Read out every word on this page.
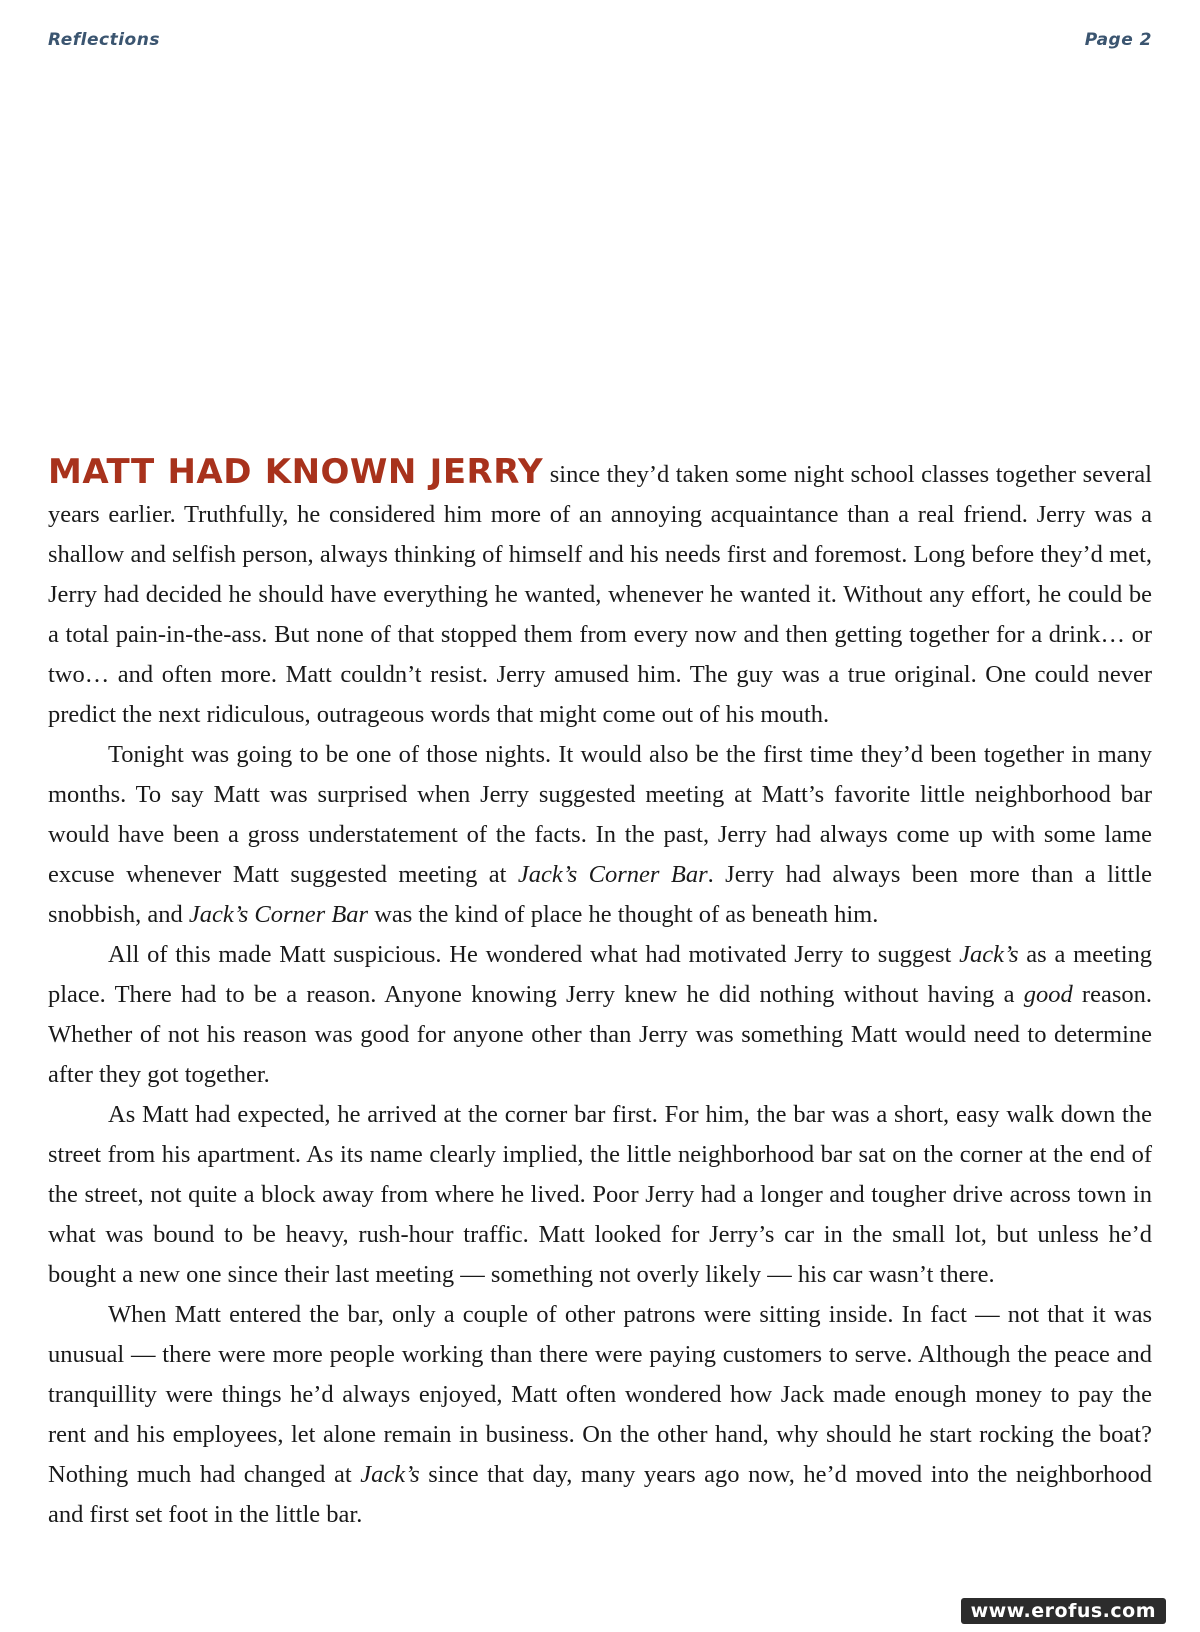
Reflections	Page 2

MATT HAD KNOWN JERRY since they’d taken some night school classes together several years earlier. Truthfully, he considered him more of an annoying acquaintance than a real friend. Jerry was a shallow and selfish person, always thinking of himself and his needs first and foremost. Long before they’d met, Jerry had decided he should have everything he wanted, whenever he wanted it. Without any effort, he could be a total pain-in-the-ass. But none of that stopped them from every now and then getting together for a drink… or two… and often more. Matt couldn’t resist. Jerry amused him. The guy was a true original. One could never predict the next ridiculous, outrageous words that might come out of his mouth.

Tonight was going to be one of those nights. It would also be the first time they’d been together in many months. To say Matt was surprised when Jerry suggested meeting at Matt’s favorite little neighborhood bar would have been a gross understatement of the facts. In the past, Jerry had always come up with some lame excuse whenever Matt suggested meeting at Jack’s Corner Bar. Jerry had always been more than a little snobbish, and Jack’s Corner Bar was the kind of place he thought of as beneath him.

All of this made Matt suspicious. He wondered what had motivated Jerry to suggest Jack’s as a meeting place. There had to be a reason. Anyone knowing Jerry knew he did nothing without having a good reason. Whether of not his reason was good for anyone other than Jerry was something Matt would need to determine after they got together.

As Matt had expected, he arrived at the corner bar first. For him, the bar was a short, easy walk down the street from his apartment. As its name clearly implied, the little neighborhood bar sat on the corner at the end of the street, not quite a block away from where he lived. Poor Jerry had a longer and tougher drive across town in what was bound to be heavy, rush-hour traffic. Matt looked for Jerry’s car in the small lot, but unless he’d bought a new one since their last meeting — something not overly likely — his car wasn’t there.

When Matt entered the bar, only a couple of other patrons were sitting inside. In fact — not that it was unusual — there were more people working than there were paying customers to serve. Although the peace and tranquillity were things he’d always enjoyed, Matt often wondered how Jack made enough money to pay the rent and his employees, let alone remain in business. On the other hand, why should he start rocking the boat? Nothing much had changed at Jack’s since that day, many years ago now, he’d moved into the neighborhood and first set foot in the little bar.

www.erofus.com
